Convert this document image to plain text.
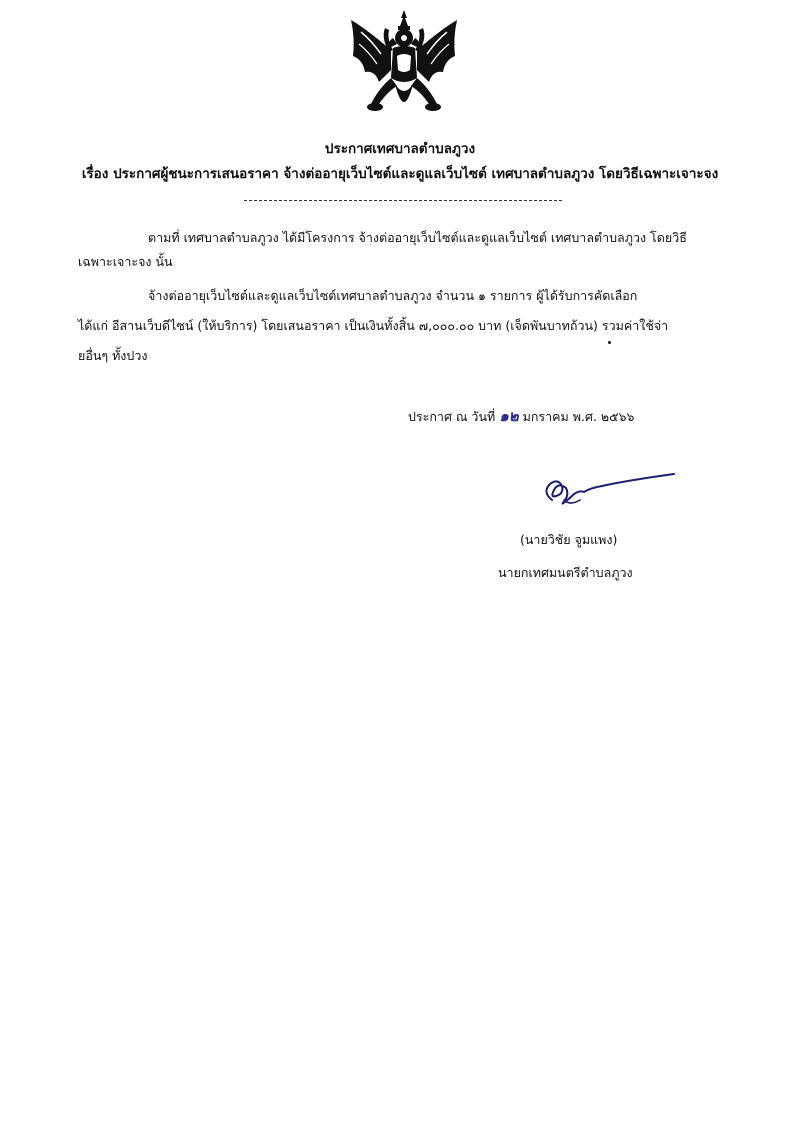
ประกาศเทศบาลตำบลภูวง
เรื่อง ประกาศผู้ชนะการเสนอราคา จ้างต่ออายุเว็บไซต์และดูแลเว็บไซต์ เทศบาลตำบลภูวง โดยวิธีเฉพาะเจาะจง
ตามที่ เทศบาลตำบลภูวง ได้มีโครงการ จ้างต่ออายุเว็บไซต์และดูแลเว็บไซต์ เทศบาลตำบลภูวง โดยวิธี
เฉพาะเจาะจง นั้น
จ้างต่ออายุเว็บไซต์และดูแลเว็บไซต์เทศบาลตำบลภูวง จำนวน ๑ รายการ ผู้ได้รับการคัดเลือก
ได้แก่ อีสานเว็บดีไซน์ (ให้บริการ) โดยเสนอราคา เป็นเงินทั้งสิ้น ๗,๐๐๐.๐๐ บาท (เจ็ดพันบาทถ้วน) รวมค่าใช้จ่า
ยอื่นๆ ทั้งปวง
ประกาศ ณ วันที่ ๑๒ มกราคม พ.ศ. ๒๕๖๖
(นายวิชัย จูมแพง)
นายกเทศมนตรีตำบลภูวง
